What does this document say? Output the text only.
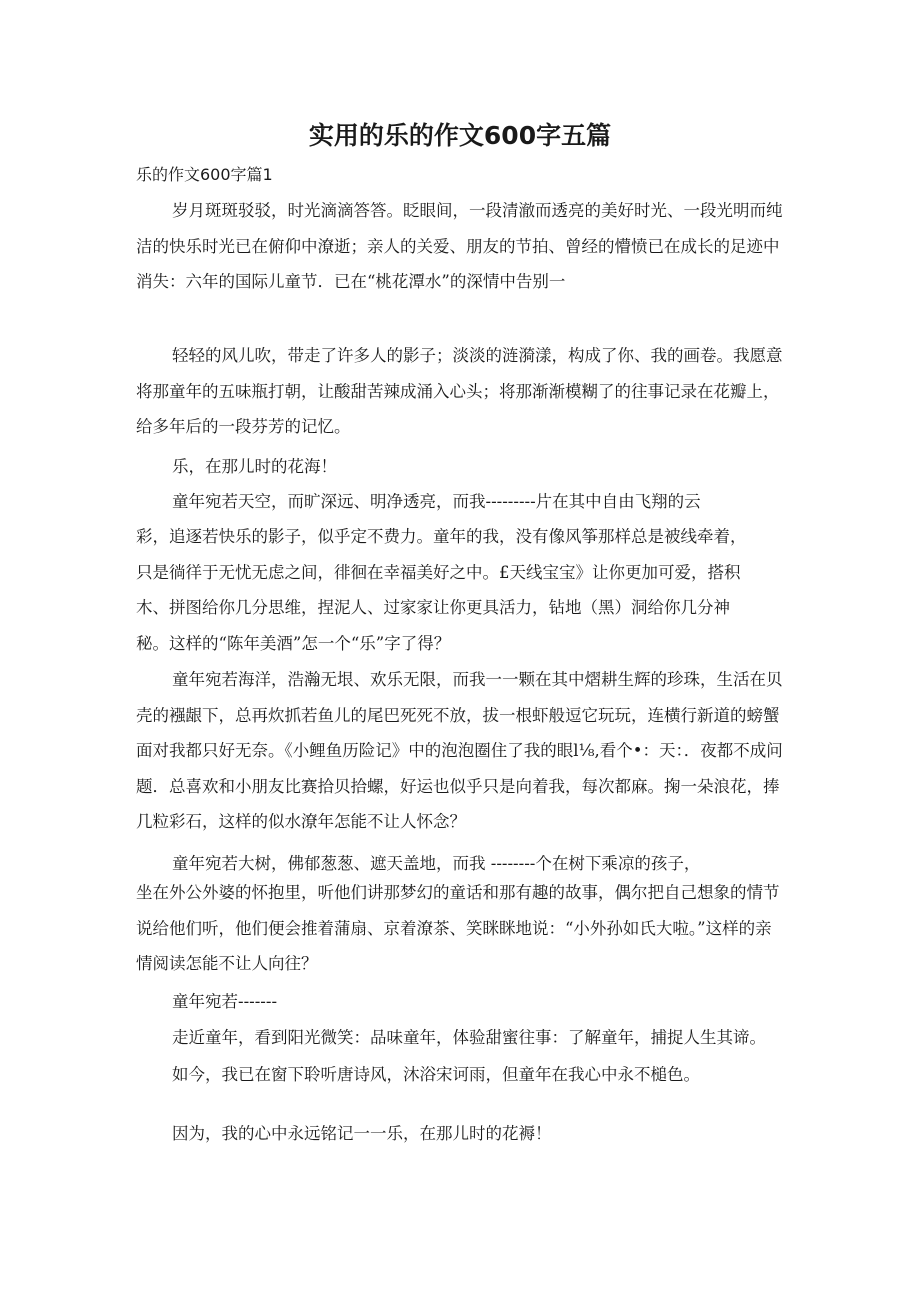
实用的乐的作文600字五篇

乐的作文600字篇1

岁月斑斑驳驳，时光滴滴答答。眨眼间，一段清澈而透亮的美好时光、一段光明而纯洁的快乐时光已在俯仰中潦逝；亲人的关爱、朋友的节拍、曾经的懵愤已在成长的足迹中消失：六年的国际儿童节．已在“桃花潭水”的深情中告别一

轻轻的风儿吹，带走了许多人的影子；淡淡的涟漪漾，构成了你、我的画卷。我愿意将那童年的五味瓶打朝，让酸甜苦辣成涌入心头；将那渐渐模糊了的往事记录在花瓣上，给多年后的一段芬芳的记忆。

乐，在那儿时的花海！

童年宛若天空，而旷深远、明净透亮，而我---------片在其中自由飞翔的云

彩，追逐若快乐的影子，似乎定不费力。童年的我，没有像风筝那样总是被线牵着，

只是徜徉于无忧无虑之间，徘徊在幸福美好之中。£天线宝宝》让你更加可爱，搭积

木、拼图给你几分思维，捏泥人、过家家让你更具活力，钻地（黑）洞给你几分神

秘。这样的“陈年美酒”怎一个“乐”字了得？

童年宛若海洋，浩瀚无垠、欢乐无限，而我一一颗在其中熠耕生辉的珍珠，生活在贝壳的襁龈下，总再炊抓若鱼儿的尾巴死死不放，拔一根虾般逗它玩玩，连横行新道的螃蟹面对我都只好无奈。《小鲤鱼历险记》中的泡泡圈住了我的眼l⅛,看个•：天：．夜都不成问题．总喜欢和小朋友比赛拾贝拾螺，好运也似乎只是向着我，每次都麻。掬一朵浪花，捧几粒彩石，这样的似水潦年怎能不让人怀念？

童年宛若大树，佛郁葱葱、遮天盖地，而我 --------个在树下乘凉的孩子，

坐在外公外婆的怀抱里，听他们讲那梦幻的童话和那有趣的故事，偶尔把自己想象的情节说给他们听，他们便会推着蒲扇、京着潦茶、笑眯眯地说：“小外孙如氏大啦。”这样的亲情阅读怎能不让人向往？

童年宛若-------

走近童年，看到阳光微笑：品味童年，体验甜蜜往事：了解童年，捕捉人生其谛。

如今，我已在窗下聆听唐诗风，沐浴宋诃雨，但童年在我心中永不槌色。

因为，我的心中永远铭记一一乐，在那儿时的花褥！
